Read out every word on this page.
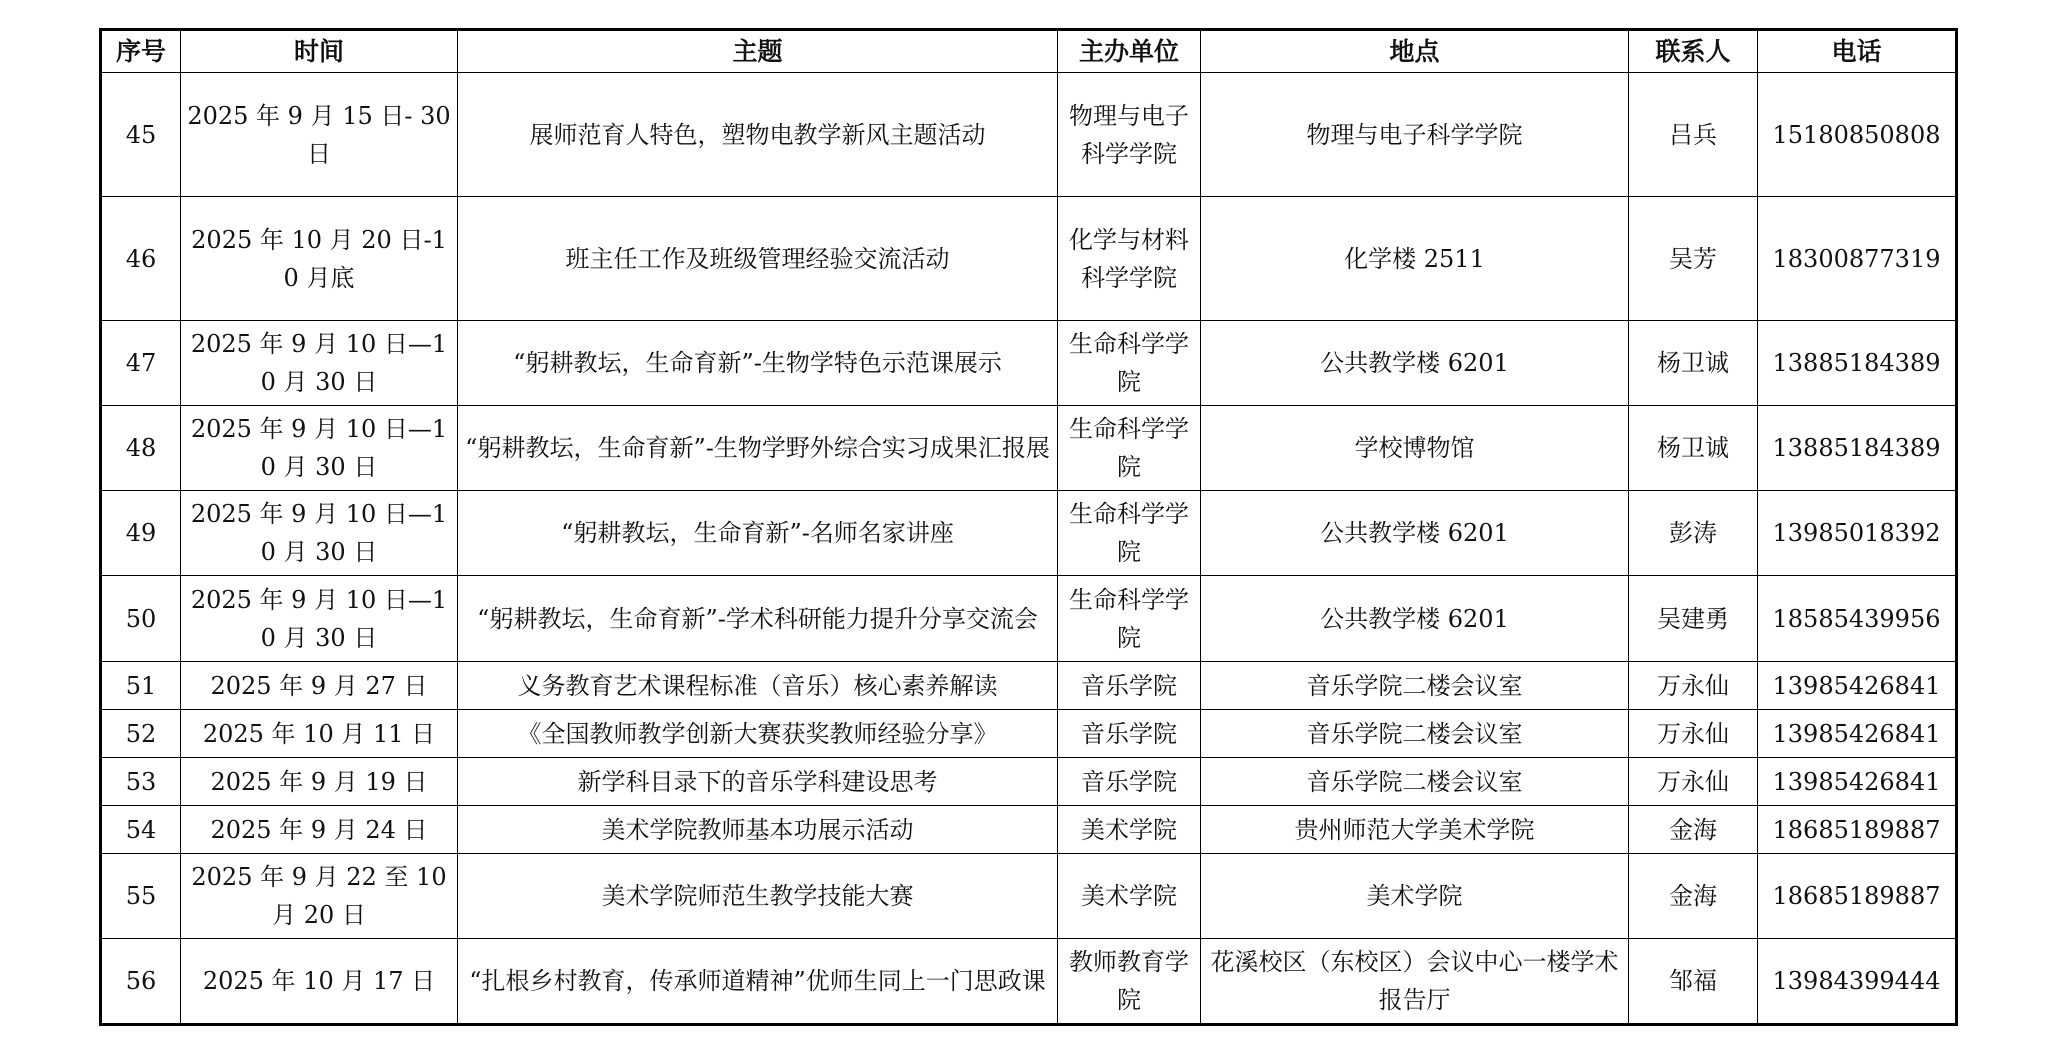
序号	时间	主题	主办单位	地点	联系人	电话
45	2025 年 9 月 15 日- 30 日	展师范育人特色，塑物电教学新风主题活动	物理与电子科学学院	物理与电子科学学院	吕兵	15180850808
46	2025 年 10 月 20 日-10 月底	班主任工作及班级管理经验交流活动	化学与材料科学学院	化学楼 2511	吴芳	18300877319
47	2025 年 9 月 10 日—10 月 30 日	“躬耕教坛，生命育新”-生物学特色示范课展示	生命科学学院	公共教学楼 6201	杨卫诚	13885184389
48	2025 年 9 月 10 日—10 月 30 日	“躬耕教坛，生命育新”-生物学野外综合实习成果汇报展	生命科学学院	学校博物馆	杨卫诚	13885184389
49	2025 年 9 月 10 日—10 月 30 日	“躬耕教坛，生命育新”-名师名家讲座	生命科学学院	公共教学楼 6201	彭涛	13985018392
50	2025 年 9 月 10 日—10 月 30 日	“躬耕教坛，生命育新”-学术科研能力提升分享交流会	生命科学学院	公共教学楼 6201	吴建勇	18585439956
51	2025 年 9 月 27 日	义务教育艺术课程标准（音乐）核心素养解读	音乐学院	音乐学院二楼会议室	万永仙	13985426841
52	2025 年 10 月 11 日	《全国教师教学创新大赛获奖教师经验分享》	音乐学院	音乐学院二楼会议室	万永仙	13985426841
53	2025 年 9 月 19 日	新学科目录下的音乐学科建设思考	音乐学院	音乐学院二楼会议室	万永仙	13985426841
54	2025 年 9 月 24 日	美术学院教师基本功展示活动	美术学院	贵州师范大学美术学院	金海	18685189887
55	2025 年 9 月 22 至 10 月 20 日	美术学院师范生教学技能大赛	美术学院	美术学院	金海	18685189887
56	2025 年 10 月 17 日	“扎根乡村教育，传承师道精神”优师生同上一门思政课	教师教育学院	花溪校区（东校区）会议中心一楼学术报告厅	邹福	13984399444
